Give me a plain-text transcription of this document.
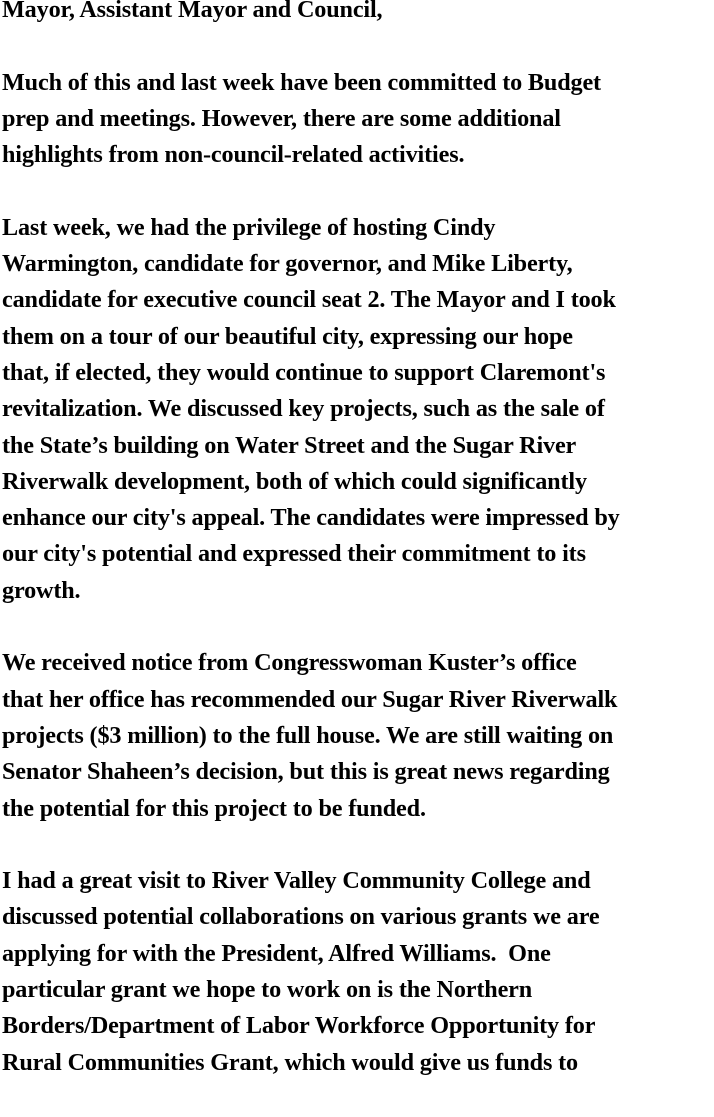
Mayor, Assistant Mayor and Council,
Much of this and last week have been committed to Budget
prep and meetings. However, there are some additional
highlights from non-council-related activities.
Last week, we had the privilege of hosting Cindy
Warmington, candidate for governor, and Mike Liberty,
candidate for executive council seat 2. The Mayor and I took
them on a tour of our beautiful city, expressing our hope
that, if elected, they would continue to support Claremont's
revitalization. We discussed key projects, such as the sale of
the State’s building on Water Street and the Sugar River
Riverwalk development, both of which could significantly
enhance our city's appeal. The candidates were impressed by
our city's potential and expressed their commitment to its
growth.
We received notice from Congresswoman Kuster’s office
that her office has recommended our Sugar River Riverwalk
projects ($3 million) to the full house. We are still waiting on
Senator Shaheen’s decision, but this is great news regarding
the potential for this project to be funded.
I had a great visit to River Valley Community College and
discussed potential collaborations on various grants we are
applying for with the President, Alfred Williams.  One
particular grant we hope to work on is the Northern
Borders/Department of Labor Workforce Opportunity for
Rural Communities Grant, which would give us funds to
